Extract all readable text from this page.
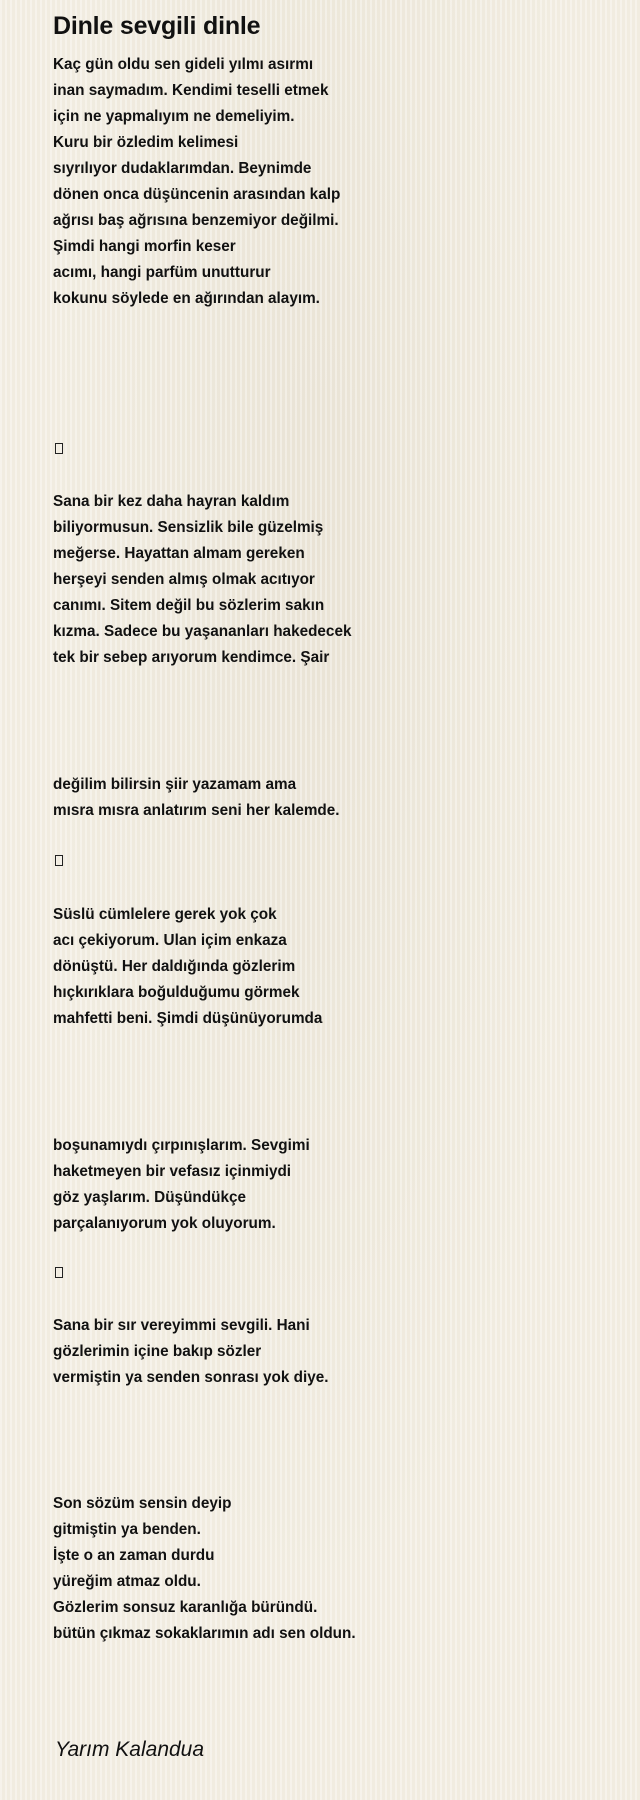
Dinle sevgili dinle
Kaç gün oldu sen gideli yılmı asırmı
inan saymadım. Kendimi teselli etmek
için ne yapmalıyım ne demeliyim.
Kuru bir özledim kelimesi
sıyrılıyor dudaklarımdan. Beynimde
dönen onca düşüncenin arasından kalp
ağrısı baş ağrısına benzemiyor değilmi.
Şimdi hangi morfin keser
acımı, hangi parfüm unutturur
kokunu söylede en ağırından alayım.
Sana bir kez daha hayran kaldım
biliyormusun. Sensizlik bile güzelmiş
meğerse. Hayattan almam gereken
herşeyi senden almış olmak acıtıyor
canımı. Sitem değil bu sözlerim sakın
kızma. Sadece bu yaşananları hakedecek
tek bir sebep arıyorum kendimce. Şair
değilim bilirsin şiir yazamam ama
mısra mısra anlatırım seni her kalemde.
Süslü cümlelere gerek yok çok
acı çekiyorum. Ulan içim enkaza
dönüştü. Her daldığında gözlerim
hıçkırıklara boğulduğumu görmek
mahfetti beni. Şimdi düşünüyorumda
boşunamıydı çırpınışlarım. Sevgimi
haketmeyen bir vefasız içinmiydi
göz yaşlarım. Düşündükçe
parçalanıyorum yok oluyorum.
Sana bir sır vereyimmi sevgili. Hani
gözlerimin içine bakıp sözler
vermiştin ya senden sonrası yok diye.
Son sözüm sensin deyip
gitmiştin ya benden.
İşte o an zaman durdu
yüreğim atmaz oldu.
Gözlerim sonsuz karanlığa büründü.
bütün çıkmaz sokaklarımın adı sen oldun.
Yarım Kalandua
